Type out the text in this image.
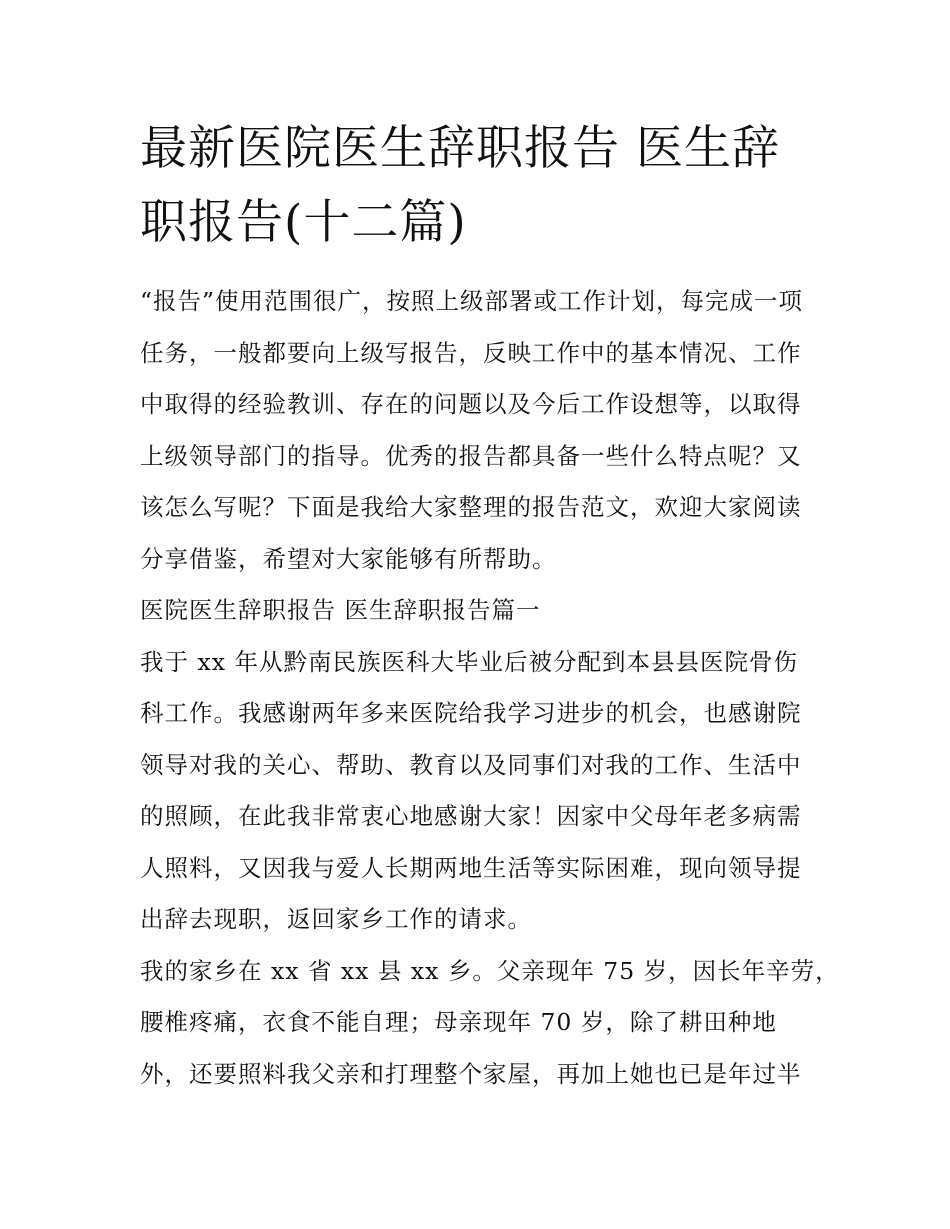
最新医院医生辞职报告 医生辞
职报告(十二篇)
“报告”使用范围很广，按照上级部署或工作计划，每完成一项
任务，一般都要向上级写报告，反映工作中的基本情况、工作
中取得的经验教训、存在的问题以及今后工作设想等，以取得
上级领导部门的指导。优秀的报告都具备一些什么特点呢？又
该怎么写呢？下面是我给大家整理的报告范文，欢迎大家阅读
分享借鉴，希望对大家能够有所帮助。
医院医生辞职报告 医生辞职报告篇一
我于 xx 年从黔南民族医科大毕业后被分配到本县县医院骨伤
科工作。我感谢两年多来医院给我学习进步的机会，也感谢院
领导对我的关心、帮助、教育以及同事们对我的工作、生活中
的照顾，在此我非常衷心地感谢大家！因家中父母年老多病需
人照料，又因我与爱人长期两地生活等实际困难，现向领导提
出辞去现职，返回家乡工作的请求。
我的家乡在 xx 省 xx 县 xx 乡。父亲现年 75 岁，因长年辛劳，
腰椎疼痛，衣食不能自理；母亲现年 70 岁，除了耕田种地
外，还要照料我父亲和打理整个家屋，再加上她也已是年过半
